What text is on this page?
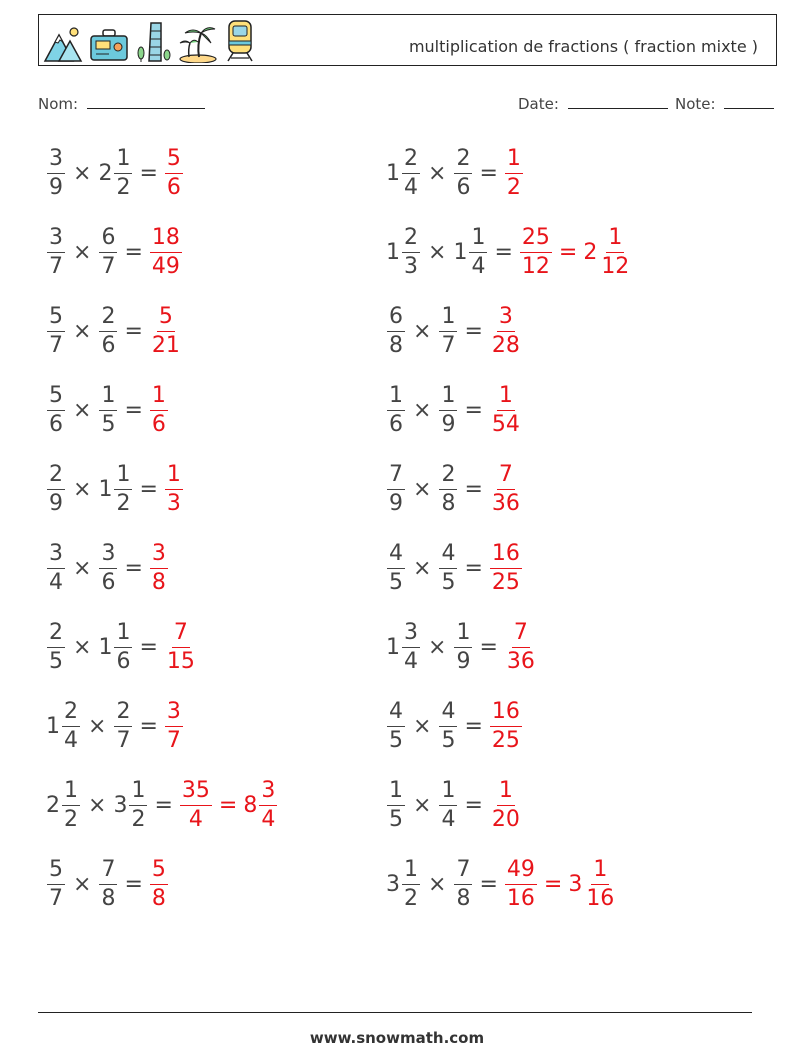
multiplication de fractions ( fraction mixte )
Nom:	Date:	Note:
$\frac{3}{9} \times 2 \frac{1}{2} = \frac{5}{6}$	$1 \frac{2}{4} \times \frac{2}{6} = \frac{1}{2}$
$\frac{3}{7} \times \frac{6}{7} = \frac{18}{49}$	$1 \frac{2}{3} \times 1 \frac{1}{4} = \frac{25}{12} = 2 \frac{1}{12}$
$\frac{5}{7} \times \frac{2}{6} = \frac{5}{21}$	$\frac{6}{8} \times \frac{1}{7} = \frac{3}{28}$
$\frac{5}{6} \times \frac{1}{5} = \frac{1}{6}$	$\frac{1}{6} \times \frac{1}{9} = \frac{1}{54}$
$\frac{2}{9} \times 1 \frac{1}{2} = \frac{1}{3}$	$\frac{7}{9} \times \frac{2}{8} = \frac{7}{36}$
$\frac{3}{4} \times \frac{3}{6} = \frac{3}{8}$	$\frac{4}{5} \times \frac{4}{5} = \frac{16}{25}$
$\frac{2}{5} \times 1 \frac{1}{6} = \frac{7}{15}$	$1 \frac{3}{4} \times \frac{1}{9} = \frac{7}{36}$
$1 \frac{2}{4} \times \frac{2}{7} = \frac{3}{7}$	$\frac{4}{5} \times \frac{4}{5} = \frac{16}{25}$
$2 \frac{1}{2} \times 3 \frac{1}{2} = \frac{35}{4} = 8 \frac{3}{4}$	$\frac{1}{5} \times \frac{1}{4} = \frac{1}{20}$
$\frac{5}{7} \times \frac{7}{8} = \frac{5}{8}$	$3 \frac{1}{2} \times \frac{7}{8} = \frac{49}{16} = 3 \frac{1}{16}$
www.snowmath.com
